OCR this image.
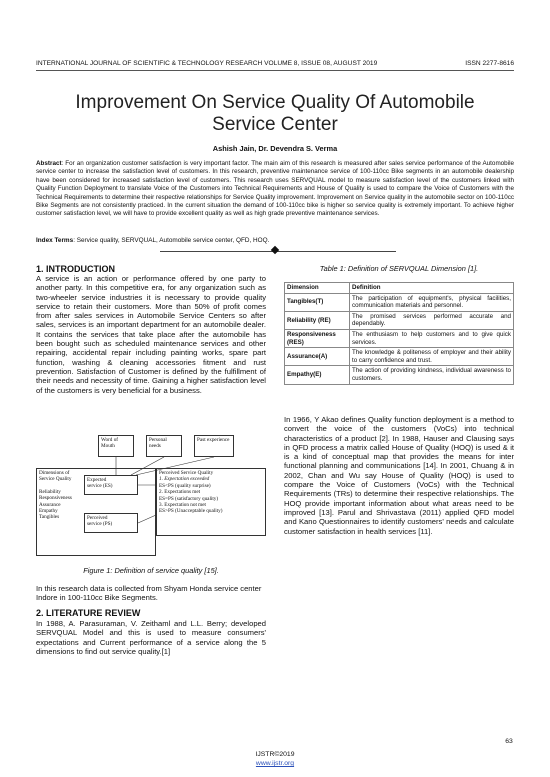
INTERNATIONAL JOURNAL OF SCIENTIFIC & TECHNOLOGY RESEARCH VOLUME 8, ISSUE 08, AUGUST 2019	ISSN 2277-8616
Improvement On Service Quality Of Automobile
Service Center
Ashish Jain, Dr. Devendra S. Verma
Abstract: For an organization customer satisfaction is very important factor. The main aim of this research is measured after sales service performance of the Automobile service center to increase the satisfaction level of customers. In this research, preventive maintenance service of 100-110cc Bike segments in an automobile dealership have been considered for increased satisfaction level of customers. This research uses SERVQUAL model to measure satisfaction level of the customers linked with Quality Function Deployment to translate Voice of the Customers into Technical Requirements and House of Quality is used to compare the Voice of Customers with the Technical Requirements to determine their respective relationships for Service Quality improvement. Improvement on Service quality in the automobile sector on 100-110cc Bike Segments are not consistently practiced. In the current situation the demand of 100-110cc bike is higher so service quality is extremely important. To achieve higher customer satisfaction level, we will have to provide excellent quality as well as high grade preventive maintenance services.
Index Terms: Service quality, SERVQUAL, Automobile service center, QFD, HOQ.
1. INTRODUCTION
A service is an action or performance offered by one party to another party. In this competitive era, for any organization such as two-wheeler service industries it is necessary to provide quality service to retain their customers. More than 50% of profit comes from after sales services in Automobile Service Centers so after sales, services is an important department for an automobile dealer. It contains the services that take place after the automobile has been bought such as scheduled maintenance services and other repairing, accidental repair including painting works, spare part function, washing & cleaning accessories fitment and rust prevention. Satisfaction of Customer is defined by the fulfillment of their needs and necessity of time. Gaining a higher satisfaction level of the customers is very beneficial for a business.
Word of Mouth
Personal needs
Past experience
Dimensions of
Service Quality
Reliability
Responsiveness
Assurance
Empathy
Tangibles
Expected
service (ES)
Perceived
service (PS)
Perceived Service Quality
1. Expectation exceeded
ES<PS (quality surprise)
2. Expectations met
ES=PS (satisfactory quality)
3. Expectation not met
ES>PS (Unacceptable quality)
Figure 1: Definition of service quality [15].
In this research data is collected from Shyam Honda service center Indore in 100-110cc Bike Segments.
2. LITERATURE REVIEW
In 1988, A. Parasuraman, V. Zeithaml and L.L. Berry; developed SERVQUAL Model and this is used to measure consumers' expectations and Current performance of a service along the 5 dimensions to find out service quality.[1]
Table 1: Definition of SERVQUAL Dimension [1].
Dimension	Definition
Tangibles(T)	The participation of equipment's, physical facilities, communication materials and personnel.
Reliability (RE)	The promised services performed accurate and dependably.
Responsiveness (RES)	The enthusiasm to help customers and to give quick services.
Assurance(A)	The knowledge & politeness of employer and their ability to carry confidence and trust.
Empathy(E)	The action of providing kindness, individual awareness to customers.
In 1966, Y Akao defines Quality function deployment is a method to convert the voice of the customers (VoCs) into technical characteristics of a product [2]. In 1988, Hauser and Clausing says in QFD process a matrix called House of Quality (HOQ) is used & it is a kind of conceptual map that provides the means for inter functional planning and communications [14]. In 2001, Chuang & in 2002, Chan and Wu say House of Quality (HOQ) is used to compare the Voice of Customers (VoCs) with the Technical Requirements (TRs) to determine their respective relationships. The HOQ provide important information about what areas need to be improved [13]. Parul and Shrivastava (2011) applied QFD model and Kano Questionnaires to identify customers' needs and calculate customer satisfaction in health services [11].
63
IJSTR©2019
www.ijstr.org
